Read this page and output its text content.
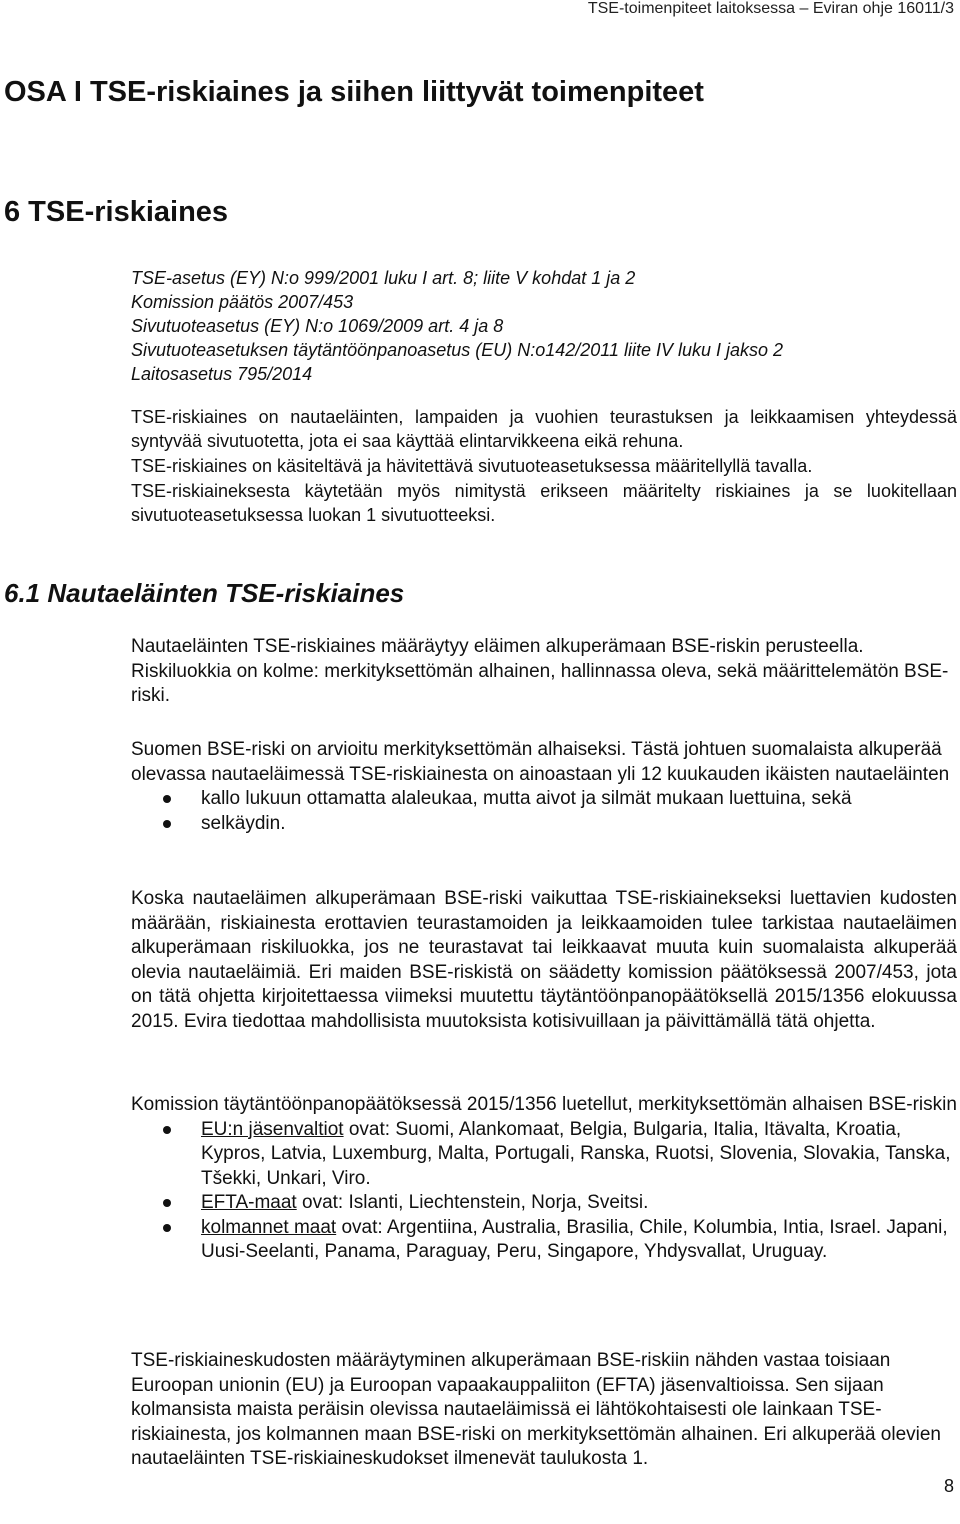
TSE-toimenpiteet laitoksessa – Eviran ohje 16011/3
OSA I TSE-riskiaines ja siihen liittyvät toimenpiteet
6 TSE-riskiaines
TSE-asetus (EY) N:o 999/2001 luku I art. 8; liite V kohdat 1 ja 2
Komission päätös 2007/453
Sivutuoteasetus (EY) N:o 1069/2009 art. 4 ja 8
Sivutuoteasetuksen täytäntöönpanoasetus (EU) N:o142/2011 liite IV luku I jakso 2
Laitosasetus 795/2014

TSE-riskiaines on nautaeläinten, lampaiden ja vuohien teurastuksen ja leikkaamisen yhteydessä syntyvää sivutuotetta, jota ei saa käyttää elintarvikkeena eikä rehuna.

TSE-riskiaines on käsiteltävä ja hävitettävä sivutuoteasetuksessa määritellyllä tavalla.

TSE-riskiaineksesta käytetään myös nimitystä erikseen määritelty riskiaines ja se luokitellaan sivutuoteasetuksessa luokan 1 sivutuotteeksi.

6.1 Nautaeläinten TSE-riskiaines

Nautaeläinten TSE-riskiaines määräytyy eläimen alkuperämaan BSE-riskin perusteella. Riskiluokkia on kolme: merkityksettömän alhainen, hallinnassa oleva, sekä määrittelemätön BSE-riski.

Suomen BSE-riski on arvioitu merkityksettömän alhaiseksi. Tästä johtuen suomalaista alkuperää olevassa nautaeläimessä TSE-riskiainesta on ainoastaan yli 12 kuukauden ikäisten nautaeläinten

kallo lukuun ottamatta alaleukaa, mutta aivot ja silmät mukaan luettuina, sekä
selkäydin.

Koska nautaeläimen alkuperämaan BSE-riski vaikuttaa TSE-riskiainekseksi luettavien kudosten määrään, riskiainesta erottavien teurastamoiden ja leikkaamoiden tulee tarkistaa nautaeläimen alkuperämaan riskiluokka, jos ne teurastavat tai leikkaavat muuta kuin suomalaista alkuperää olevia nautaeläimiä. Eri maiden BSE-riskistä on säädetty komission päätöksessä 2007/453, jota on tätä ohjetta kirjoitettaessa viimeksi muutettu täytäntöönpanopäätöksellä 2015/1356 elokuussa 2015. Evira tiedottaa mahdollisista muutoksista kotisivuillaan ja päivittämällä tätä ohjetta.

Komission täytäntöönpanopäätöksessä 2015/1356 luetellut, merkityksettömän alhaisen BSE-riskin

EU:n jäsenvaltiot ovat: Suomi, Alankomaat, Belgia, Bulgaria, Italia, Itävalta, Kroatia, Kypros, Latvia, Luxemburg, Malta, Portugali, Ranska, Ruotsi, Slovenia, Slovakia, Tanska, Tšekki, Unkari, Viro.
EFTA-maat ovat: Islanti, Liechtenstein, Norja, Sveitsi.
kolmannet maat ovat: Argentiina, Australia, Brasilia, Chile, Kolumbia, Intia, Israel. Japani, Uusi-Seelanti, Panama, Paraguay, Peru, Singapore, Yhdysvallat, Uruguay.

TSE-riskiaineskudosten määräytyminen alkuperämaan BSE-riskiin nähden vastaa toisiaan Euroopan unionin (EU) ja Euroopan vapaakauppaliiton (EFTA) jäsenvaltioissa. Sen sijaan kolmansista maista peräisin olevissa nautaeläimissä ei lähtökohtaisesti ole lainkaan TSE-riskiainesta, jos kolmannen maan BSE-riski on merkityksettömän alhainen. Eri alkuperää olevien nautaeläinten TSE-riskiaineskudokset ilmenevät taulukosta 1.

8
